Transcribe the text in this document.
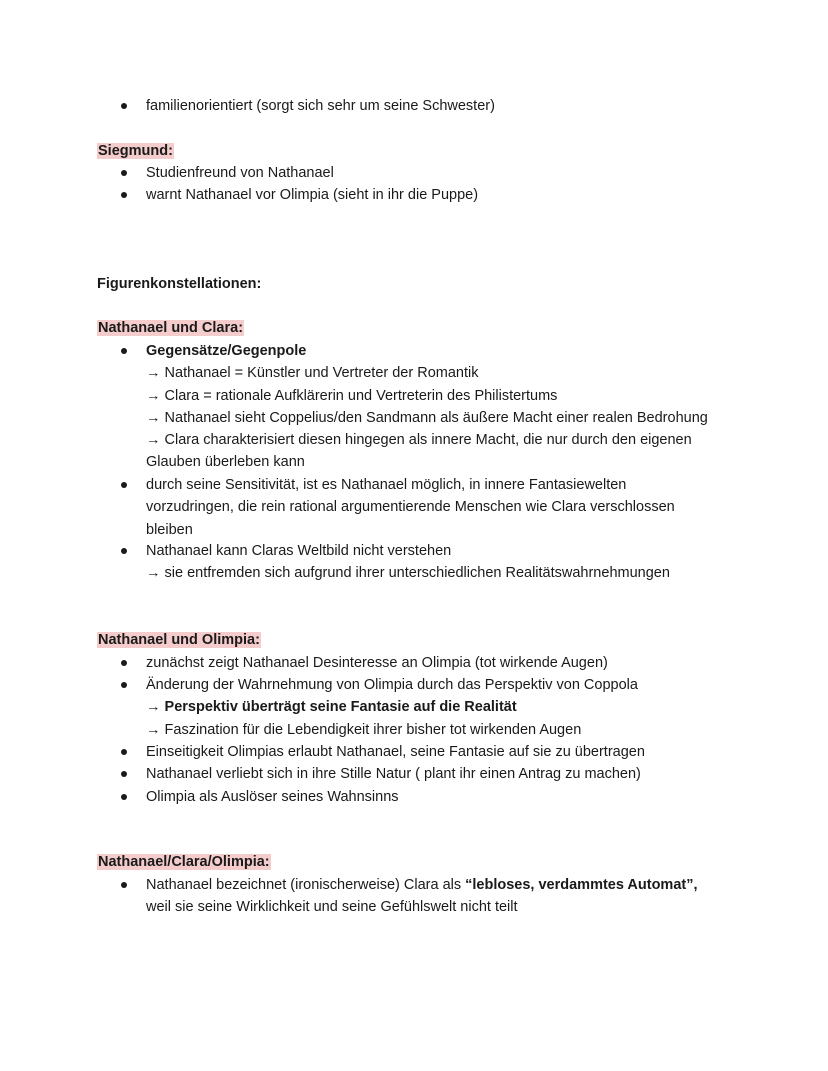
familienorientiert (sorgt sich sehr um seine Schwester)
Siegmund:
Studienfreund von Nathanael
warnt Nathanael vor Olimpia (sieht in ihr die Puppe)
Figurenkonstellationen:
Nathanael und Clara:
Gegensätze/Gegenpole
→ Nathanael = Künstler und Vertreter der Romantik
→ Clara = rationale Aufklärerin und Vertreterin des Philistertums
→ Nathanael sieht Coppelius/den Sandmann als äußere Macht einer realen Bedrohung
→ Clara charakterisiert diesen hingegen als innere Macht, die nur durch den eigenen
Glauben überleben kann
durch seine Sensitivität, ist es Nathanael möglich, in innere Fantasiewelten
vorzudringen, die rein rational argumentierende Menschen wie Clara verschlossen
bleiben
Nathanael kann Claras Weltbild nicht verstehen
→ sie entfremden sich aufgrund ihrer unterschiedlichen Realitätswahrnehmungen
Nathanael und Olimpia:
zunächst zeigt Nathanael Desinteresse an Olimpia (tot wirkende Augen)
Änderung der Wahrnehmung von Olimpia durch das Perspektiv von Coppola
→ Perspektiv überträgt seine Fantasie auf die Realität
→ Faszination für die Lebendigkeit ihrer bisher tot wirkenden Augen
Einseitigkeit Olimpias erlaubt Nathanael, seine Fantasie auf sie zu übertragen
Nathanael verliebt sich in ihre Stille Natur ( plant ihr einen Antrag zu machen)
Olimpia als Auslöser seines Wahnsinns
Nathanael/Clara/Olimpia:
Nathanael bezeichnet (ironischerweise) Clara als “lebloses, verdammtes Automat”,
weil sie seine Wirklichkeit und seine Gefühlswelt nicht teilt
